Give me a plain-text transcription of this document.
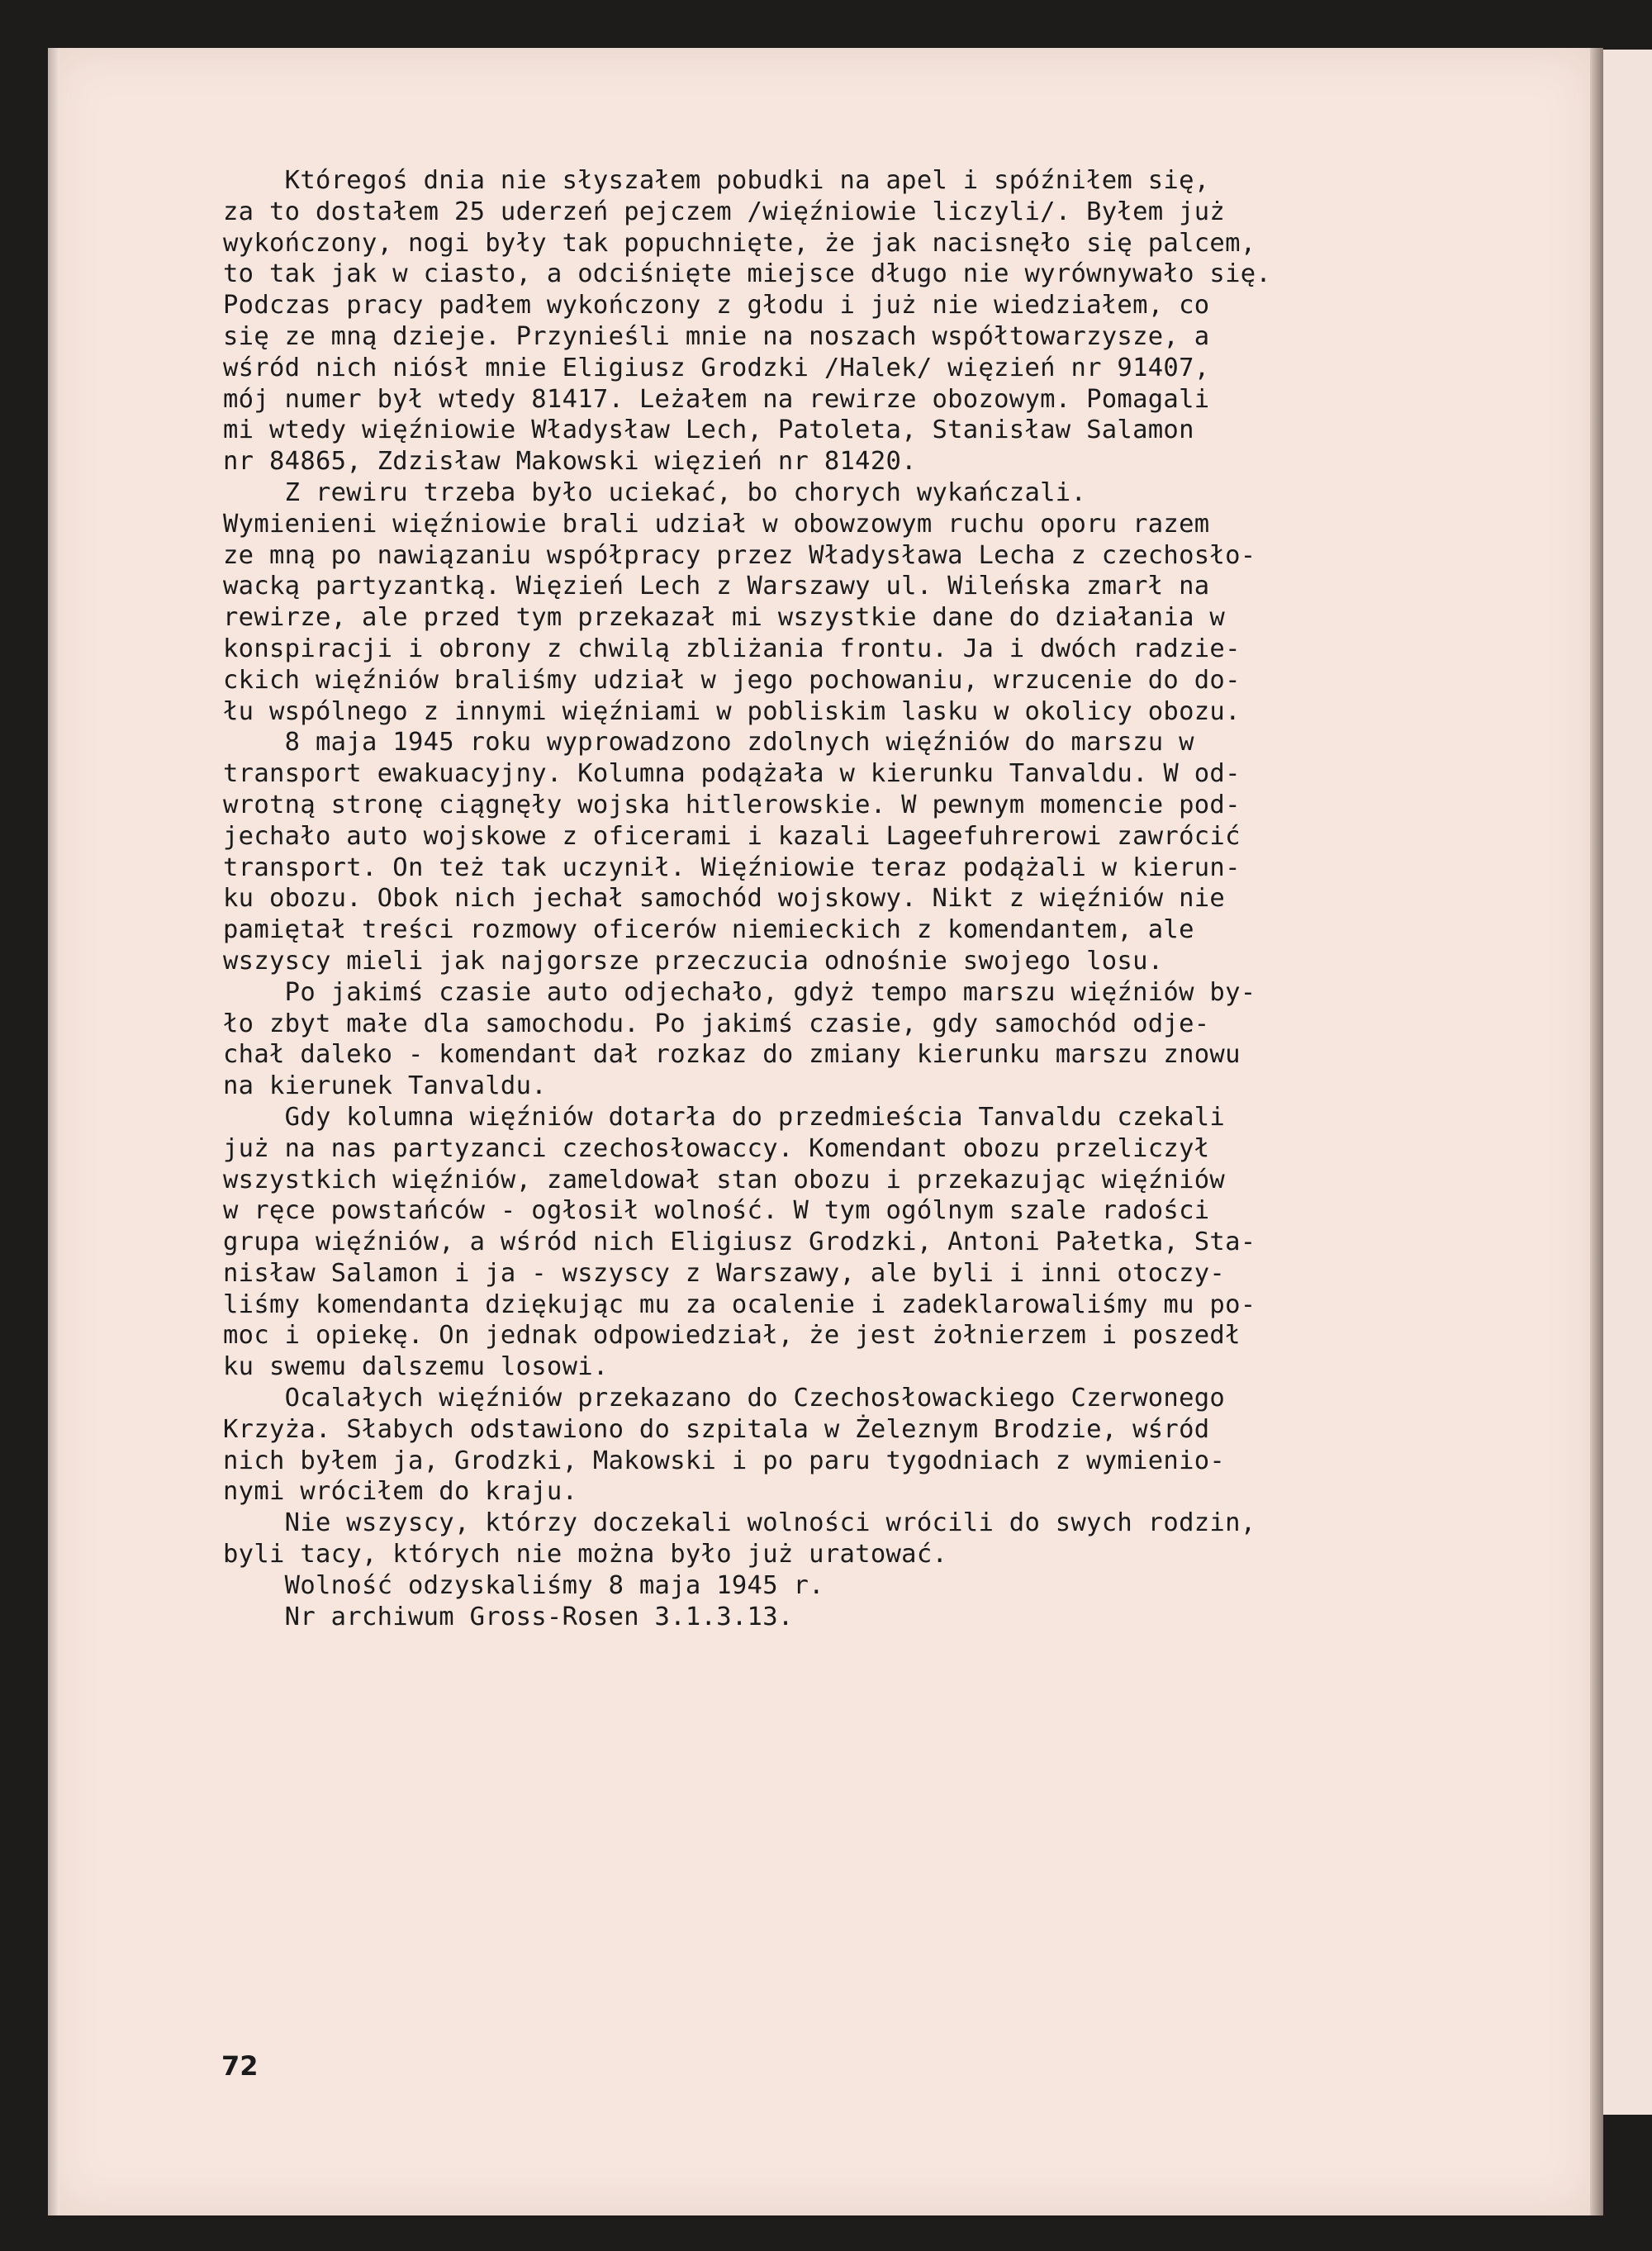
Któregoś dnia nie słyszałem pobudki na apel i spóźniłem się,
za to dostałem 25 uderzeń pejczem /więźniowie liczyli/. Byłem już
wykończony, nogi były tak popuchnięte, że jak nacisnęło się palcem,
to tak jak w ciasto, a odciśnięte miejsce długo nie wyrównywało się.
Podczas pracy padłem wykończony z głodu i już nie wiedziałem, co
się ze mną dzieje. Przynieśli mnie na noszach współtowarzysze, a
wśród nich niósł mnie Eligiusz Grodzki /Halek/ więzień nr 91407,
mój numer był wtedy 81417. Leżałem na rewirze obozowym. Pomagali
mi wtedy więźniowie Władysław Lech, Patoleta, Stanisław Salamon
nr 84865, Zdzisław Makowski więzień nr 81420.
Z rewiru trzeba było uciekać, bo chorych wykańczali.
Wymienieni więźniowie brali udział w obowzowym ruchu oporu razem
ze mną po nawiązaniu współpracy przez Władysława Lecha z czechosło-
wacką partyzantką. Więzień Lech z Warszawy ul. Wileńska zmarł na
rewirze, ale przed tym przekazał mi wszystkie dane do działania w
konspiracji i obrony z chwilą zbliżania frontu. Ja i dwóch radzie-
ckich więźniów braliśmy udział w jego pochowaniu, wrzucenie do do-
łu wspólnego z innymi więźniami w pobliskim lasku w okolicy obozu.
8 maja 1945 roku wyprowadzono zdolnych więźniów do marszu w
transport ewakuacyjny. Kolumna podążała w kierunku Tanvaldu. W od-
wrotną stronę ciągnęły wojska hitlerowskie. W pewnym momencie pod-
jechało auto wojskowe z oficerami i kazali Lageefuhrerowi zawrócić
transport. On też tak uczynił. Więźniowie teraz podążali w kierun-
ku obozu. Obok nich jechał samochód wojskowy. Nikt z więźniów nie
pamiętał treści rozmowy oficerów niemieckich z komendantem, ale
wszyscy mieli jak najgorsze przeczucia odnośnie swojego losu.
Po jakimś czasie auto odjechało, gdyż tempo marszu więźniów by-
ło zbyt małe dla samochodu. Po jakimś czasie, gdy samochód odje-
chał daleko - komendant dał rozkaz do zmiany kierunku marszu znowu
na kierunek Tanvaldu.
Gdy kolumna więźniów dotarła do przedmieścia Tanvaldu czekali
już na nas partyzanci czechosłowaccy. Komendant obozu przeliczył
wszystkich więźniów, zameldował stan obozu i przekazując więźniów
w ręce powstańców - ogłosił wolność. W tym ogólnym szale radości
grupa więźniów, a wśród nich Eligiusz Grodzki, Antoni Pałetka, Sta-
nisław Salamon i ja - wszyscy z Warszawy, ale byli i inni otoczy-
liśmy komendanta dziękując mu za ocalenie i zadeklarowaliśmy mu po-
moc i opiekę. On jednak odpowiedział, że jest żołnierzem i poszedł
ku swemu dalszemu losowi.
Ocalałych więźniów przekazano do Czechosłowackiego Czerwonego
Krzyża. Słabych odstawiono do szpitala w Żeleznym Brodzie, wśród
nich byłem ja, Grodzki, Makowski i po paru tygodniach z wymienio-
nymi wróciłem do kraju.
Nie wszyscy, którzy doczekali wolności wrócili do swych rodzin,
byli tacy, których nie można było już uratować.
Wolność odzyskaliśmy 8 maja 1945 r.
Nr archiwum Gross-Rosen 3.1.3.13.
72
